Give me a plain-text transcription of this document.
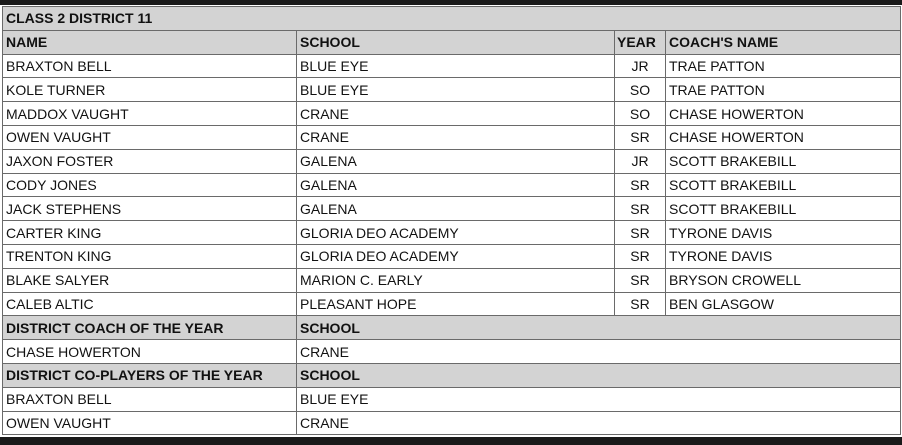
CLASS 2 DISTRICT 11			
NAME	SCHOOL	YEAR	COACH'S NAME
BRAXTON BELL	BLUE EYE	JR	TRAE PATTON
KOLE TURNER	BLUE EYE	SO	TRAE PATTON
MADDOX VAUGHT	CRANE	SO	CHASE HOWERTON
OWEN VAUGHT	CRANE	SR	CHASE HOWERTON
JAXON FOSTER	GALENA	JR	SCOTT BRAKEBILL
CODY JONES	GALENA	SR	SCOTT BRAKEBILL
JACK STEPHENS	GALENA	SR	SCOTT BRAKEBILL
CARTER KING	GLORIA DEO ACADEMY	SR	TYRONE DAVIS
TRENTON KING	GLORIA DEO ACADEMY	SR	TYRONE DAVIS
BLAKE SALYER	MARION C. EARLY	SR	BRYSON CROWELL
CALEB ALTIC	PLEASANT HOPE	SR	BEN GLASGOW
DISTRICT COACH OF THE YEAR	SCHOOL		
CHASE HOWERTON	CRANE		
DISTRICT CO-PLAYERS OF THE YEAR	SCHOOL		
BRAXTON BELL	BLUE EYE		
OWEN VAUGHT	CRANE		
